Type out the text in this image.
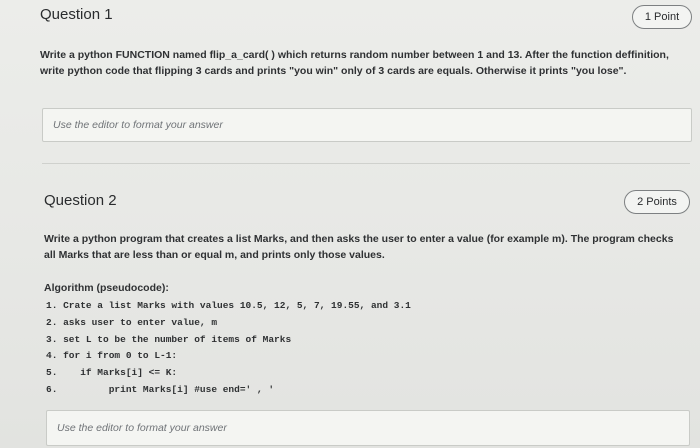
Question 1	1 Point
Write a python FUNCTION named flip_a_card( ) which returns random number between 1 and 13. After the function deffinition, write python code that flipping 3 cards and prints "you win" only of 3 cards are equals. Otherwise it prints "you lose".
Use the editor to format your answer
Question 2	2 Points
Write a python program that creates a list Marks, and then asks the user to enter a value (for example m). The program checks all Marks that are less than or equal m, and prints only those values.
Algorithm (pseudocode):
1. Crate a list Marks with values 10.5, 12, 5, 7, 19.55, and 3.1
2. asks user to enter value, m
3. set L to be the number of items of Marks
4. for i from 0 to L-1:
5.    if Marks[i] <= K:
6.         print Marks[i] #use end=' , '
Use the editor to format your answer
